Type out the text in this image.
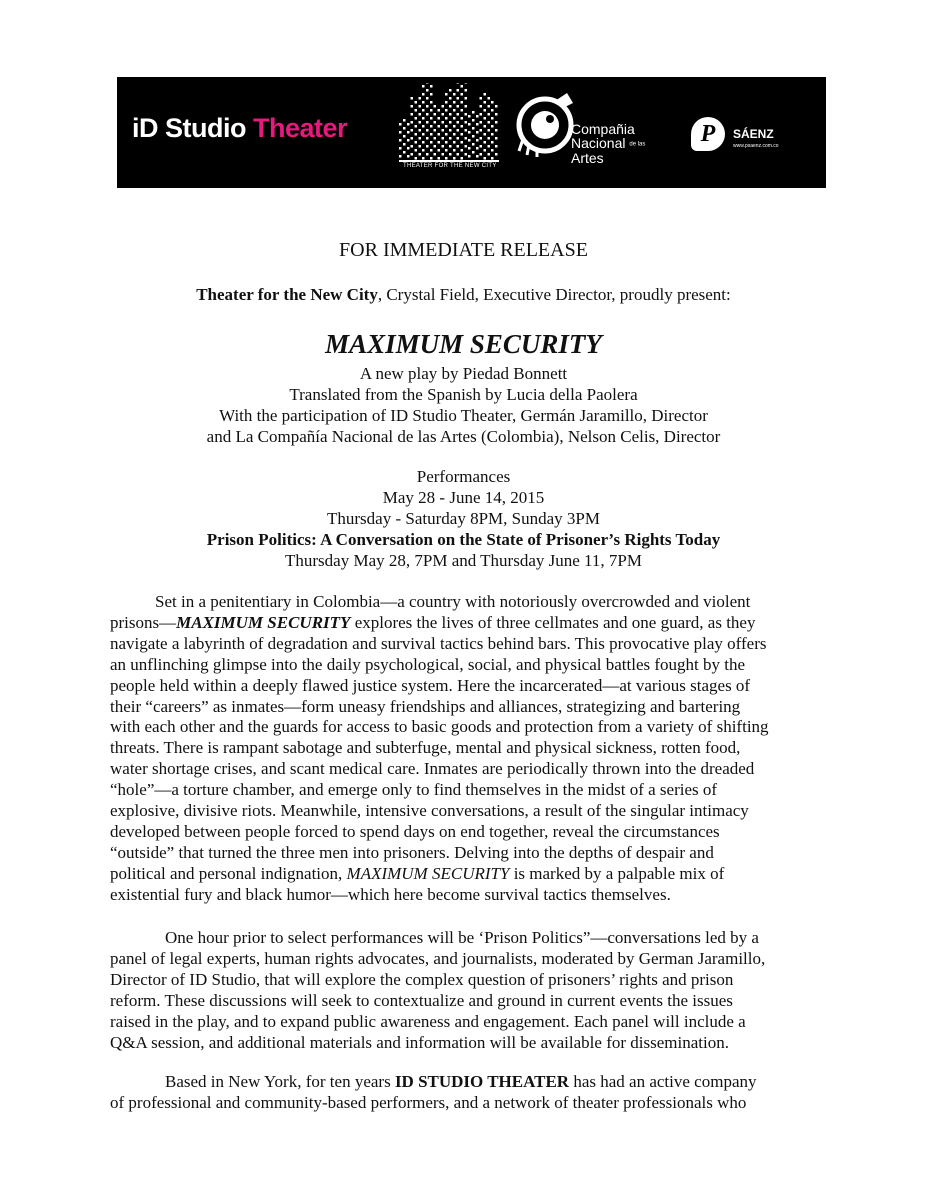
iD Studio Theater
THEATER FOR THE NEW CITY
Compañia
Nacional de las
Artes
P	SÁENZ
www.psaenz.com.co
FOR IMMEDIATE RELEASE
Theater for the New City, Crystal Field, Executive Director, proudly present:
MAXIMUM SECURITY
A new play by Piedad Bonnett
Translated from the Spanish by Lucia della Paolera
With the participation of ID Studio Theater, Germán Jaramillo, Director
and La Compañía Nacional de las Artes (Colombia), Nelson Celis, Director
Performances
May 28 - June 14, 2015
Thursday - Saturday 8PM, Sunday 3PM
Prison Politics: A Conversation on the State of Prisoner’s Rights Today
Thursday May 28, 7PM and Thursday June 11, 7PM
Set in a penitentiary in Colombia—a country with notoriously overcrowded and violent
prisons—MAXIMUM SECURITY explores the lives of three cellmates and one guard, as they
navigate a labyrinth of degradation and survival tactics behind bars. This provocative play offers
an unflinching glimpse into the daily psychological, social, and physical battles fought by the
people held within a deeply flawed justice system. Here the incarcerated—at various stages of
their “careers” as inmates—form uneasy friendships and alliances, strategizing and bartering
with each other and the guards for access to basic goods and protection from a variety of shifting
threats. There is rampant sabotage and subterfuge, mental and physical sickness, rotten food,
water shortage crises, and scant medical care. Inmates are periodically thrown into the dreaded
“hole”—a torture chamber, and emerge only to find themselves in the midst of a series of
explosive, divisive riots. Meanwhile, intensive conversations, a result of the singular intimacy
developed between people forced to spend days on end together, reveal the circumstances
“outside” that turned the three men into prisoners. Delving into the depths of despair and
political and personal indignation, MAXIMUM SECURITY is marked by a palpable mix of
existential fury and black humor—which here become survival tactics themselves.
One hour prior to select performances will be ‘Prison Politics”—conversations led by a
panel of legal experts, human rights advocates, and journalists, moderated by German Jaramillo,
Director of ID Studio, that will explore the complex question of prisoners’ rights and prison
reform. These discussions will seek to contextualize and ground in current events the issues
raised in the play, and to expand public awareness and engagement. Each panel will include a
Q&A session, and additional materials and information will be available for dissemination.
Based in New York, for ten years ID STUDIO THEATER has had an active company
of professional and community-based performers, and a network of theater professionals who
